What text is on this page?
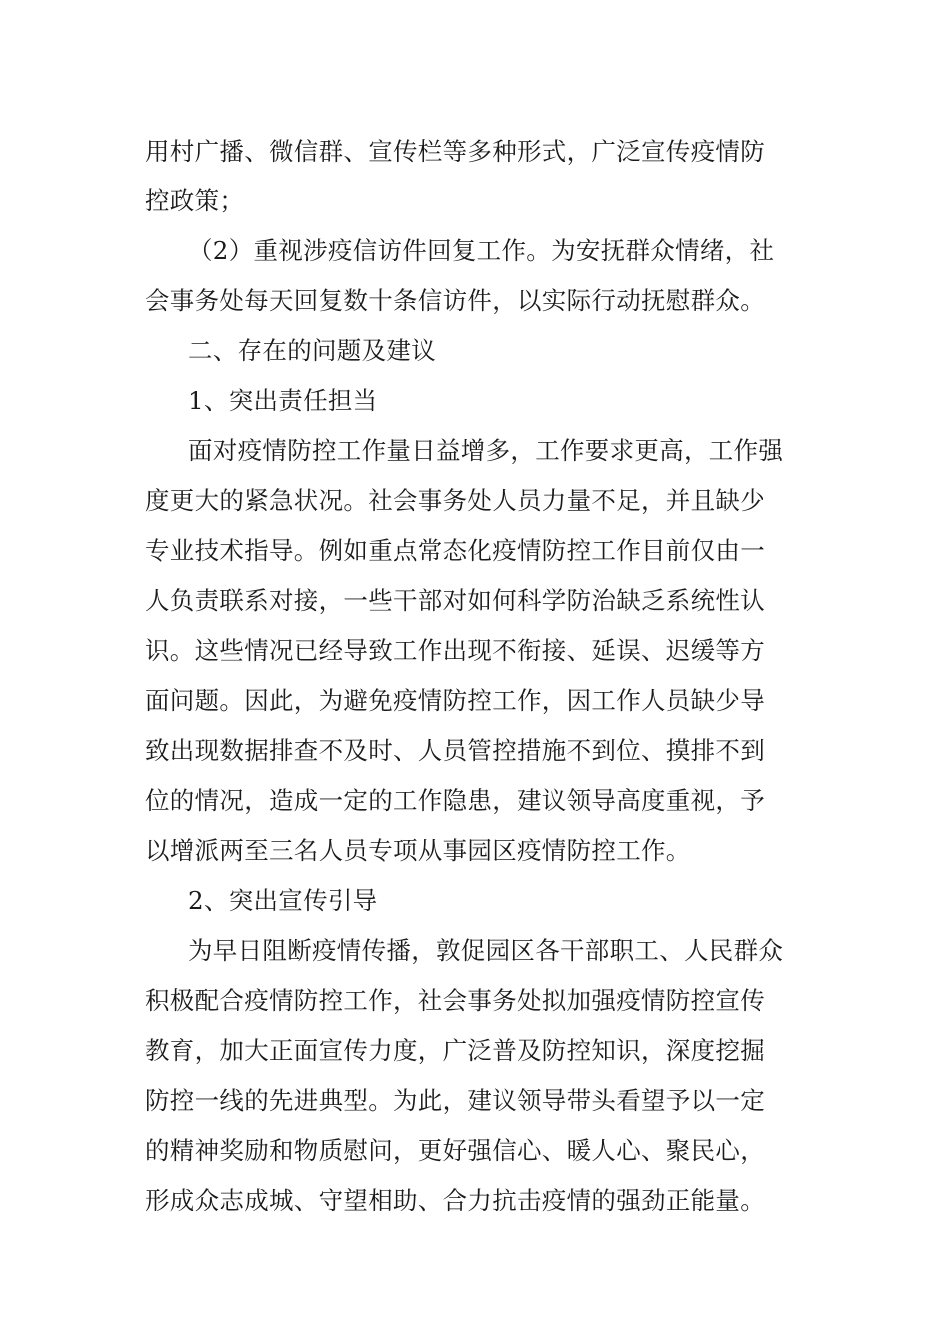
用村广播、微信群、宣传栏等多种形式，广泛宣传疫情防
控政策；
（2）重视涉疫信访件回复工作。为安抚群众情绪，社
会事务处每天回复数十条信访件，以实际行动抚慰群众。
二、存在的问题及建议
1、突出责任担当
面对疫情防控工作量日益增多，工作要求更高，工作强
度更大的紧急状况。社会事务处人员力量不足，并且缺少
专业技术指导。例如重点常态化疫情防控工作目前仅由一
人负责联系对接，一些干部对如何科学防治缺乏系统性认
识。这些情况已经导致工作出现不衔接、延误、迟缓等方
面问题。因此，为避免疫情防控工作，因工作人员缺少导
致出现数据排查不及时、人员管控措施不到位、摸排不到
位的情况，造成一定的工作隐患，建议领导高度重视，予
以增派两至三名人员专项从事园区疫情防控工作。
2、突出宣传引导
为早日阻断疫情传播，敦促园区各干部职工、人民群众
积极配合疫情防控工作，社会事务处拟加强疫情防控宣传
教育，加大正面宣传力度，广泛普及防控知识，深度挖掘
防控一线的先进典型。为此，建议领导带头看望予以一定
的精神奖励和物质慰问，更好强信心、暖人心、聚民心，
形成众志成城、守望相助、合力抗击疫情的强劲正能量。
